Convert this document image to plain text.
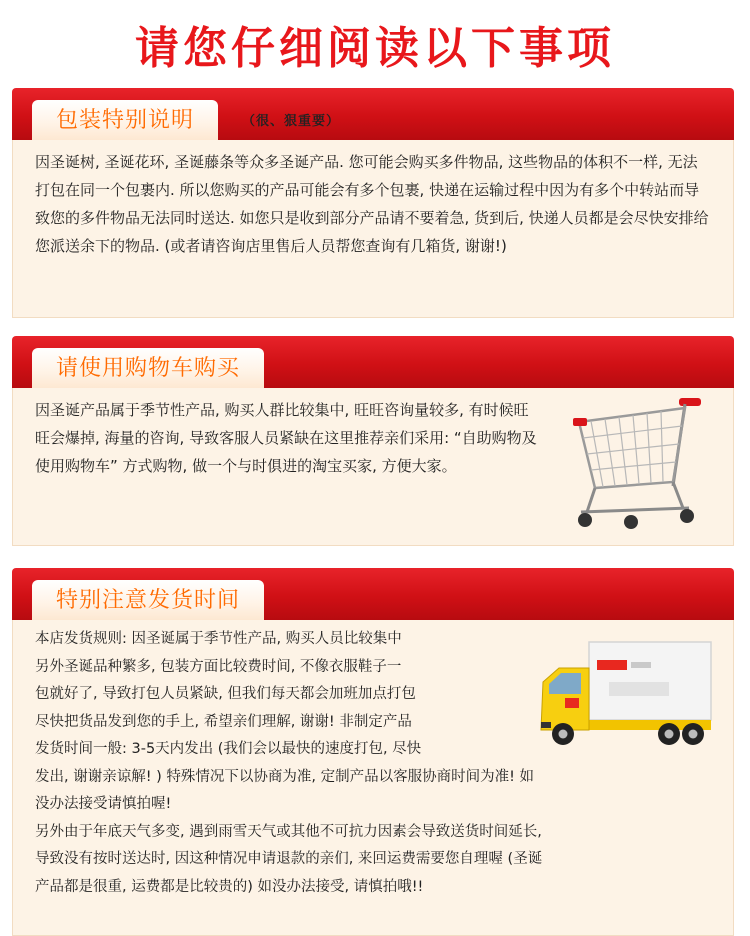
请您仔细阅读以下事项
包装特别说明	（很、狠重要）
因圣诞树, 圣诞花环, 圣诞藤条等众多圣诞产品. 您可能会购买多件物品, 这些物品的体积不一样, 无法打包在同一个包裹内. 所以您购买的产品可能会有多个包裹, 快递在运输过程中因为有多个中转站而导致您的多件物品无法同时送达. 如您只是收到部分产品请不要着急, 货到后, 快递人员都是会尽快安排给您派送余下的物品. (或者请咨询店里售后人员帮您查询有几箱货, 谢谢!)
请使用购物车购买
因圣诞产品属于季节性产品, 购买人群比较集中, 旺旺咨询量较多, 有时候旺旺会爆掉, 海量的咨询, 导致客服人员紧缺在这里推荐亲们采用: “自助购物及使用购物车” 方式购物, 做一个与时俱进的淘宝买家, 方便大家。
特别注意发货时间
本店发货规则: 因圣诞属于季节性产品, 购买人员比较集中
另外圣诞品种繁多, 包装方面比较费时间, 不像衣服鞋子一
包就好了, 导致打包人员紧缺, 但我们每天都会加班加点打包
尽快把货品发到您的手上, 希望亲们理解, 谢谢! 非制定产品
发货时间一般: 3-5天内发出 (我们会以最快的速度打包, 尽快
发出, 谢谢亲谅解! ) 特殊情况下以协商为准, 定制产品以客服协商时间为准! 如
没办法接受请慎拍喔!
另外由于年底天气多变, 遇到雨雪天气或其他不可抗力因素会导致送货时间延长,
导致没有按时送达时, 因这种情况申请退款的亲们, 来回运费需要您自理喔 (圣诞
产品都是很重, 运费都是比较贵的) 如没办法接受, 请慎拍哦!!
